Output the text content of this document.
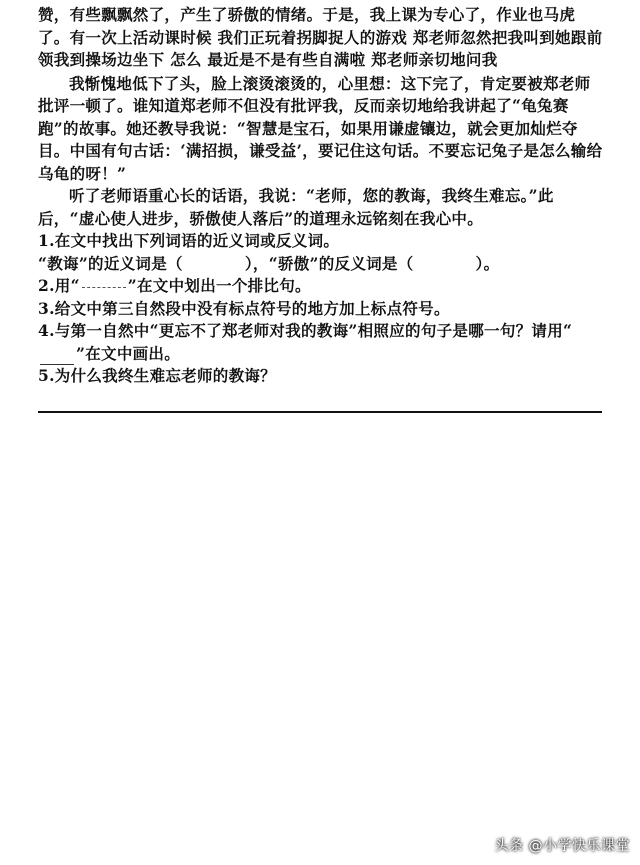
赞，有些飘飘然了，产生了骄傲的情绪。于是，我上课为专心了，作业也马虎了。有一次上活动课时候 我们正玩着拐脚捉人的游戏 郑老师忽然把我叫到她跟前 领我到操场边坐下 怎么 最近是不是有些自满啦 郑老师亲切地问我

我惭愧地低下了头，脸上滚烫滚烫的，心里想：这下完了，肯定要被郑老师批评一顿了。谁知道郑老师不但没有批评我，反而亲切地给我讲起了“龟兔赛跑”的故事。她还教导我说：“智慧是宝石，如果用谦虚镶边，就会更加灿烂夺目。中国有句古话：‘满招损，谦受益’，要记住这句话。不要忘记兔子是怎么输给乌龟的呀！”

听了老师语重心长的话语，我说：“老师，您的教诲，我终生难忘。”此后，“虚心使人进步，骄傲使人落后”的道理永远铭刻在我心中。

1.在文中找出下列词语的近义词或反义词。

“教诲”的近义词是（	），“骄傲”的反义词是（	）。

2.用“	”在文中划出一个排比句。

3.给文中第三自然段中没有标点符号的地方加上标点符号。

4.与第一自然中“更忘不了郑老师对我的教诲”相照应的句子是哪一句？请用“”在文中画出。

5.为什么我终生难忘老师的教诲？

头条 @小学快乐课堂
